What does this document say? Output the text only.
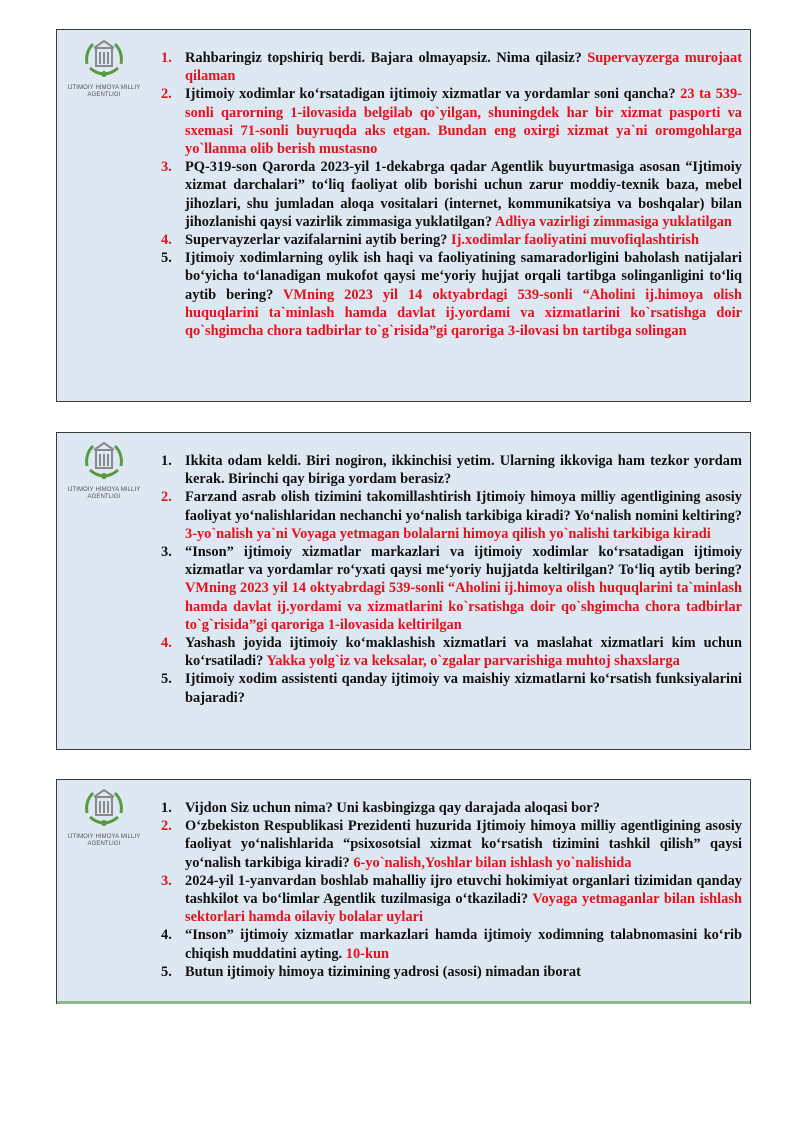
IJTIMOIY HIMOYA MILLIY AGENTLIGI
1. Rahbaringiz topshiriq berdi. Bajara olmayapsiz. Nima qilasiz? Supervayzerga murojaat qilaman
2. Ijtimoiy xodimlar ko‘rsatadigan ijtimoiy xizmatlar va yordamlar soni qancha? 23 ta 539-sonli qarorning 1-ilovasida belgilab qo`yilgan, shuningdek har bir xizmat pasporti va sxemasi 71-sonli buyruqda aks etgan. Bundan eng oxirgi xizmat ya`ni oromgohlarga yo`llanma olib berish mustasno
3. PQ-319-son Qarorda 2023-yil 1-dekabrga qadar Agentlik buyurtmasiga asosan “Ijtimoiy xizmat darchalari” to‘liq faoliyat olib borishi uchun zarur moddiy-texnik baza, mebel jihozlari, shu jumladan aloqa vositalari (internet, kommunikatsiya va boshqalar) bilan jihozlanishi qaysi vazirlik zimmasiga yuklatilgan? Adliya vazirligi zimmasiga yuklatilgan
4. Supervayzerlar vazifalarnini aytib bering? Ij.xodimlar faoliyatini muvofiqlashtirish
5. Ijtimoiy xodimlarning oylik ish haqi va faoliyatining samaradorligini baholash natijalari bo‘yicha to‘lanadigan mukofot qaysi me‘yoriy hujjat orqali tartibga solinganligini to‘liq aytib bering? VMning 2023 yil 14 oktyabrdagi 539-sonli “Aholini ij.himoya olish huquqlarini ta`minlash hamda davlat ij.yordami va xizmatlarini ko`rsatishga doir qo`shgimcha chora tadbirlar to`g`risida”gi qaroriga 3-ilovasi bn tartibga solingan
IJTIMOIY HIMOYA MILLIY AGENTLIGI
1. Ikkita odam keldi. Biri nogiron, ikkinchisi yetim. Ularning ikkoviga ham tezkor yordam kerak. Birinchi qay biriga yordam berasiz?
2. Farzand asrab olish tizimini takomillashtirish Ijtimoiy himoya milliy agentligining asosiy faoliyat yo‘nalishlaridan nechanchi yo‘nalish tarkibiga kiradi? Yo‘nalish nomini keltiring? 3-yo`nalish ya`ni Voyaga yetmagan bolalarni himoya qilish yo`nalishi tarkibiga kiradi
3. “Inson” ijtimoiy xizmatlar markazlari va ijtimoiy xodimlar ko‘rsatadigan ijtimoiy xizmatlar va yordamlar ro‘yxati qaysi me‘yoriy hujjatda keltirilgan? To‘liq aytib bering? VMning 2023 yil 14 oktyabrdagi 539-sonli “Aholini ij.himoya olish huquqlarini ta`minlash hamda davlat ij.yordami va xizmatlarini ko`rsatishga doir qo`shgimcha chora tadbirlar to`g`risida”gi qaroriga 1-ilovasida keltirilgan
4. Yashash joyida ijtimoiy ko‘maklashish xizmatlari va maslahat xizmatlari kim uchun ko‘rsatiladi? Yakka yolg`iz va keksalar, o`zgalar parvarishiga muhtoj shaxslarga
5. Ijtimoiy xodim assistenti qanday ijtimoiy va maishiy xizmatlarni ko‘rsatish funksiyalarini bajaradi?
IJTIMOIY HIMOYA MILLIY AGENTLIGI
1. Vijdon Siz uchun nima? Uni kasbingizga qay darajada aloqasi bor?
2. O‘zbekiston Respublikasi Prezidenti huzurida Ijtimoiy himoya milliy agentligining asosiy faoliyat yo‘nalishlarida “psixosotsial xizmat ko‘rsatish tizimini tashkil qilish” qaysi yo‘nalish tarkibiga kiradi? 6-yo`nalish,Yoshlar bilan ishlash yo`nalishida
3. 2024-yil 1-yanvardan boshlab mahalliy ijro etuvchi hokimiyat organlari tizimidan qanday tashkilot va bo‘limlar Agentlik tuzilmasiga o‘tkaziladi? Voyaga yetmaganlar bilan ishlash sektorlari hamda oilaviy bolalar uylari
4. “Inson” ijtimoiy xizmatlar markazlari hamda ijtimoiy xodimning talabnomasini ko‘rib chiqish muddatini ayting. 10-kun
5. Butun ijtimoiy himoya tizimining yadrosi (asosi) nimadan iborat
